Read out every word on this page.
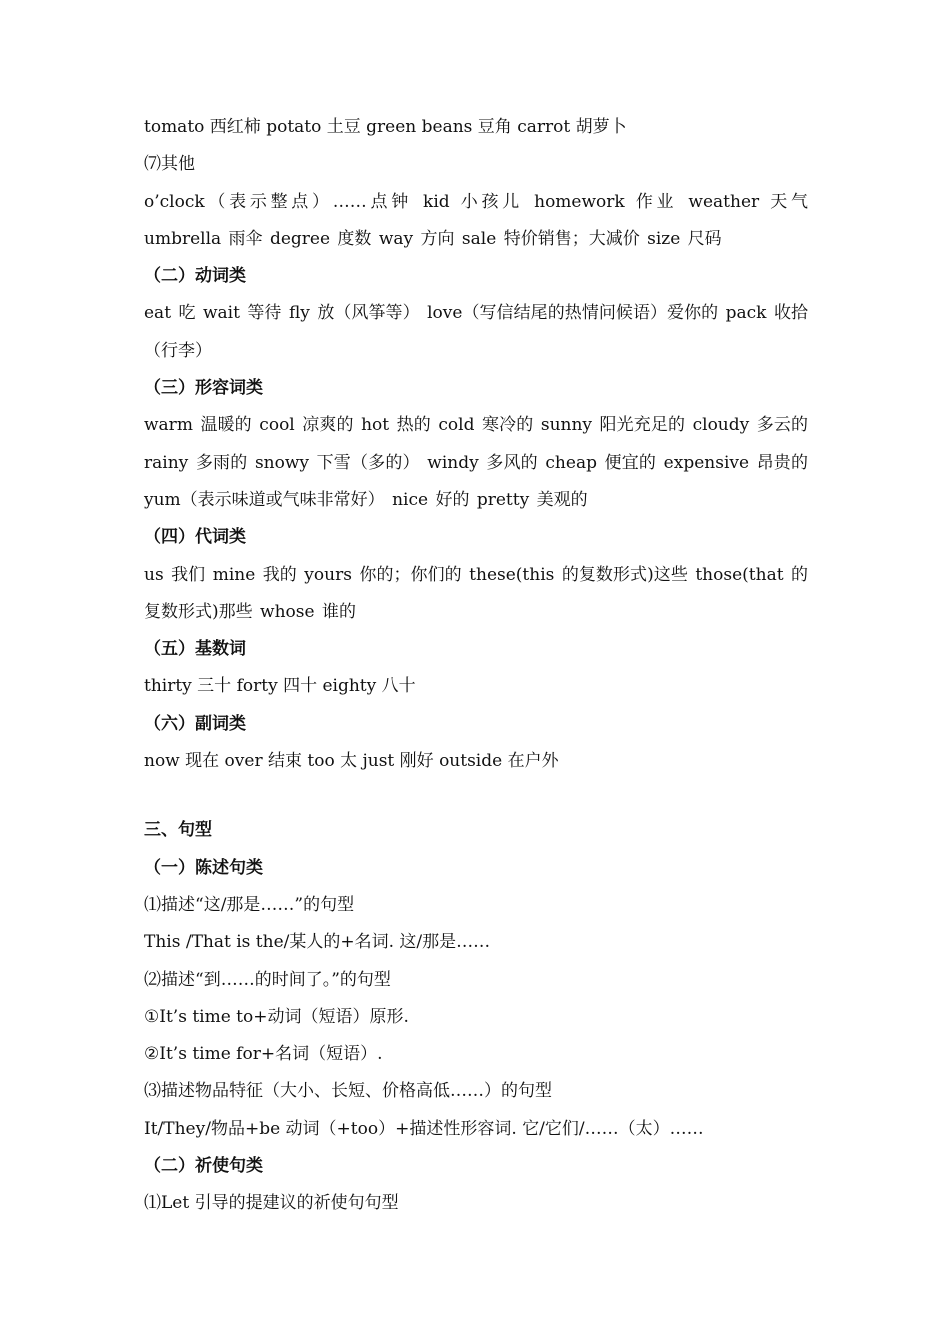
tomato 西红柿 potato 土豆 green beans 豆角 carrot 胡萝卜
⑺其他
o’clock（表示整点）……点钟 kid 小孩儿 homework 作业 weather 天气 umbrella 雨伞 degree 度数 way 方向 sale 特价销售；大减价 size 尺码
（二）动词类
eat 吃 wait 等待 fly 放（风筝等） love（写信结尾的热情问候语）爱你的 pack 收拾（行李）
（三）形容词类
warm 温暖的 cool 凉爽的 hot 热的 cold 寒冷的 sunny 阳光充足的 cloudy 多云的 rainy 多雨的 snowy 下雪（多的） windy 多风的 cheap 便宜的 expensive 昂贵的 yum（表示味道或气味非常好） nice 好的 pretty 美观的
（四）代词类
us 我们 mine 我的 yours 你的；你们的 these(this 的复数形式)这些 those(that 的复数形式)那些 whose 谁的
（五）基数词
thirty 三十 forty 四十 eighty 八十
（六）副词类
now 现在 over 结束 too 太 just 刚好 outside 在户外
三、句型
（一）陈述句类
⑴描述“这/那是……”的句型
This /That is the/某人的+名词. 这/那是……
⑵描述“到……的时间了。”的句型
①It’s time to+动词（短语）原形.
②It’s time for+名词（短语）.
⑶描述物品特征（大小、长短、价格高低……）的句型
It/They/物品+be 动词（+too）+描述性形容词. 它/它们/……（太）……
（二）祈使句类
⑴Let 引导的提建议的祈使句句型
